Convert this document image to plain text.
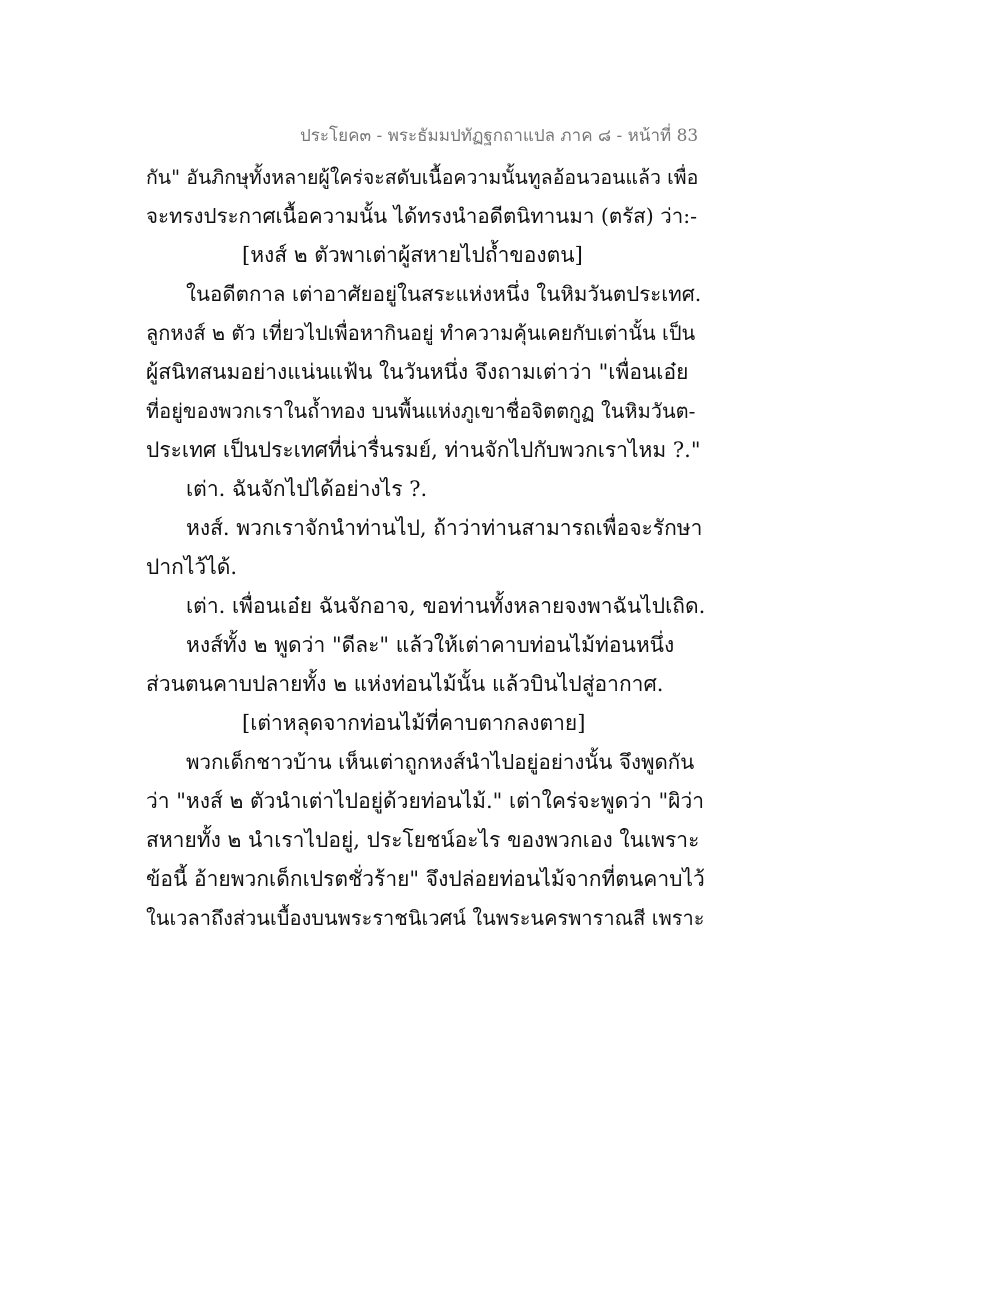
ประโยค๓ - พระธัมมปทัฏฐกถาแปล ภาค ๘ - หน้าที่ 83
กัน" อันภิกษุทั้งหลายผู้ใคร่จะสดับเนื้อความนั้นทูลอ้อนวอนแล้ว เพื่อ
จะทรงประกาศเนื้อความนั้น ได้ทรงนำอดีตนิทานมา (ตรัส) ว่า:-
[หงส์ ๒ ตัวพาเต่าผู้สหายไปถ้ำของตน]
ในอดีตกาล เต่าอาศัยอยู่ในสระแห่งหนึ่ง ในหิมวันตประเทศ.
ลูกหงส์ ๒ ตัว เที่ยวไปเพื่อหากินอยู่ ทำความคุ้นเคยกับเต่านั้น เป็น
ผู้สนิทสนมอย่างแน่นแฟ้น ในวันหนึ่ง จึงถามเต่าว่า "เพื่อนเอ๋ย
ที่อยู่ของพวกเราในถ้ำทอง บนพื้นแห่งภูเขาชื่อจิตตกูฏ ในหิมวันต-
ประเทศ เป็นประเทศที่น่ารื่นรมย์, ท่านจักไปกับพวกเราไหม ?."
เต่า. ฉันจักไปได้อย่างไร ?.
หงส์. พวกเราจักนำท่านไป, ถ้าว่าท่านสามารถเพื่อจะรักษา
ปากไว้ได้.
เต่า. เพื่อนเอ๋ย ฉันจักอาจ, ขอท่านทั้งหลายจงพาฉันไปเถิด.
หงส์ทั้ง ๒ พูดว่า "ดีละ" แล้วให้เต่าคาบท่อนไม้ท่อนหนึ่ง
ส่วนตนคาบปลายทั้ง ๒ แห่งท่อนไม้นั้น แล้วบินไปสู่อากาศ.
[เต่าหลุดจากท่อนไม้ที่คาบตากลงตาย]
พวกเด็กชาวบ้าน เห็นเต่าถูกหงส์นำไปอยู่อย่างนั้น จึงพูดกัน
ว่า "หงส์ ๒ ตัวนำเต่าไปอยู่ด้วยท่อนไม้." เต่าใคร่จะพูดว่า "ผิว่า
สหายทั้ง ๒ นำเราไปอยู่, ประโยชน์อะไร ของพวกเอง ในเพราะ
ข้อนี้ อ้ายพวกเด็กเปรตชั่วร้าย" จึงปล่อยท่อนไม้จากที่ตนคาบไว้
ในเวลาถึงส่วนเบื้องบนพระราชนิเวศน์ ในพระนครพาราณสี เพราะ
